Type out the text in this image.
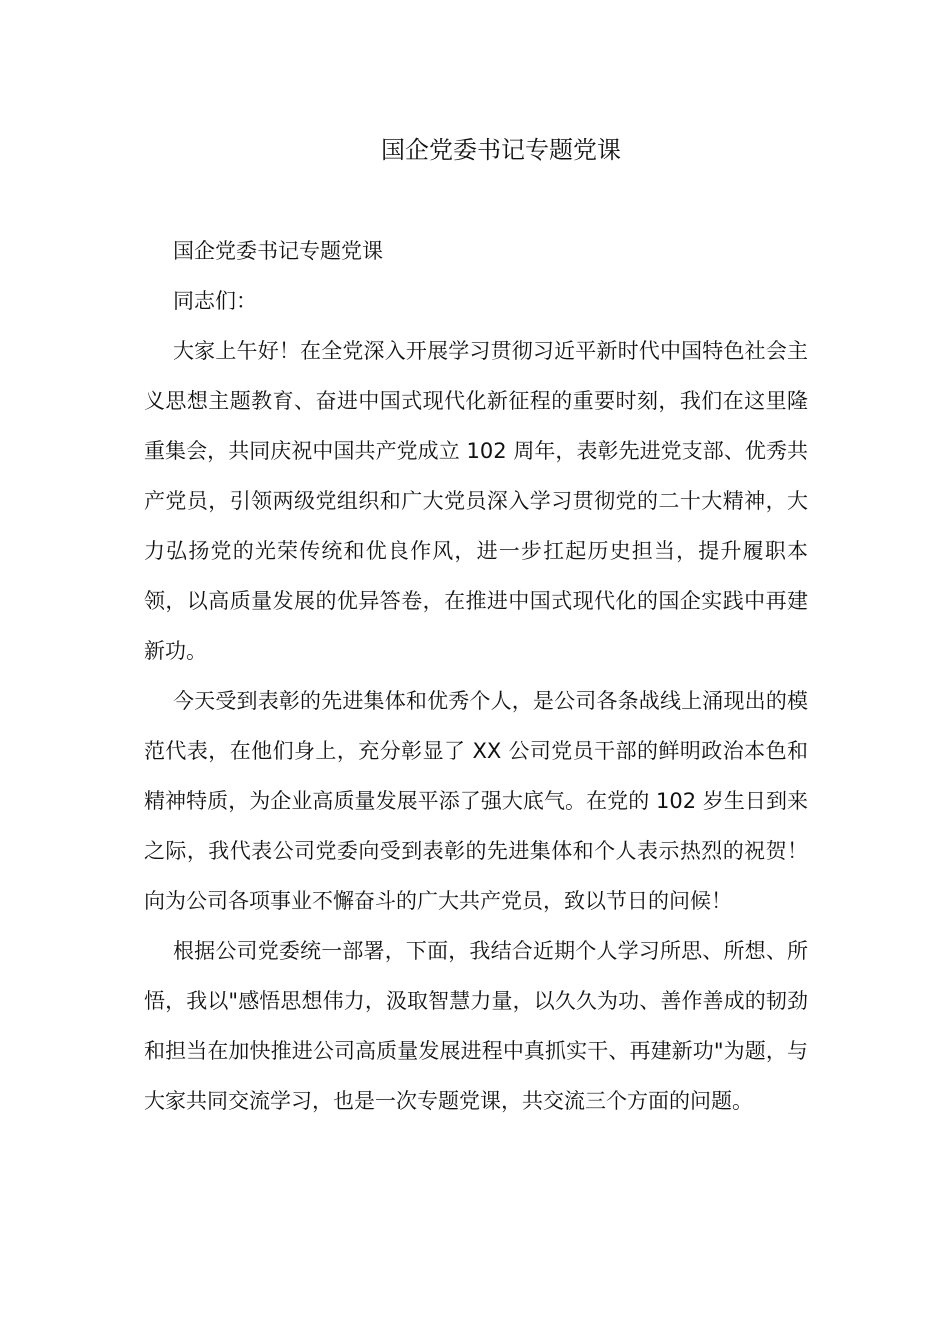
国企党委书记专题党课

国企党委书记专题党课

同志们：

大家上午好！在全党深入开展学习贯彻习近平新时代中国特色社会主义思想主题教育、奋进中国式现代化新征程的重要时刻，我们在这里隆重集会，共同庆祝中国共产党成立 102 周年，表彰先进党支部、优秀共产党员，引领两级党组织和广大党员深入学习贯彻党的二十大精神，大力弘扬党的光荣传统和优良作风，进一步扛起历史担当，提升履职本领，以高质量发展的优异答卷，在推进中国式现代化的国企实践中再建新功。

今天受到表彰的先进集体和优秀个人，是公司各条战线上涌现出的模范代表，在他们身上，充分彰显了 XX 公司党员干部的鲜明政治本色和精神特质，为企业高质量发展平添了强大底气。在党的 102 岁生日到来之际，我代表公司党委向受到表彰的先进集体和个人表示热烈的祝贺！向为公司各项事业不懈奋斗的广大共产党员，致以节日的问候！

根据公司党委统一部署，下面，我结合近期个人学习所思、所想、所悟，我以"感悟思想伟力，汲取智慧力量，以久久为功、善作善成的韧劲和担当在加快推进公司高质量发展进程中真抓实干、再建新功"为题，与大家共同交流学习，也是一次专题党课，共交流三个方面的问题。
